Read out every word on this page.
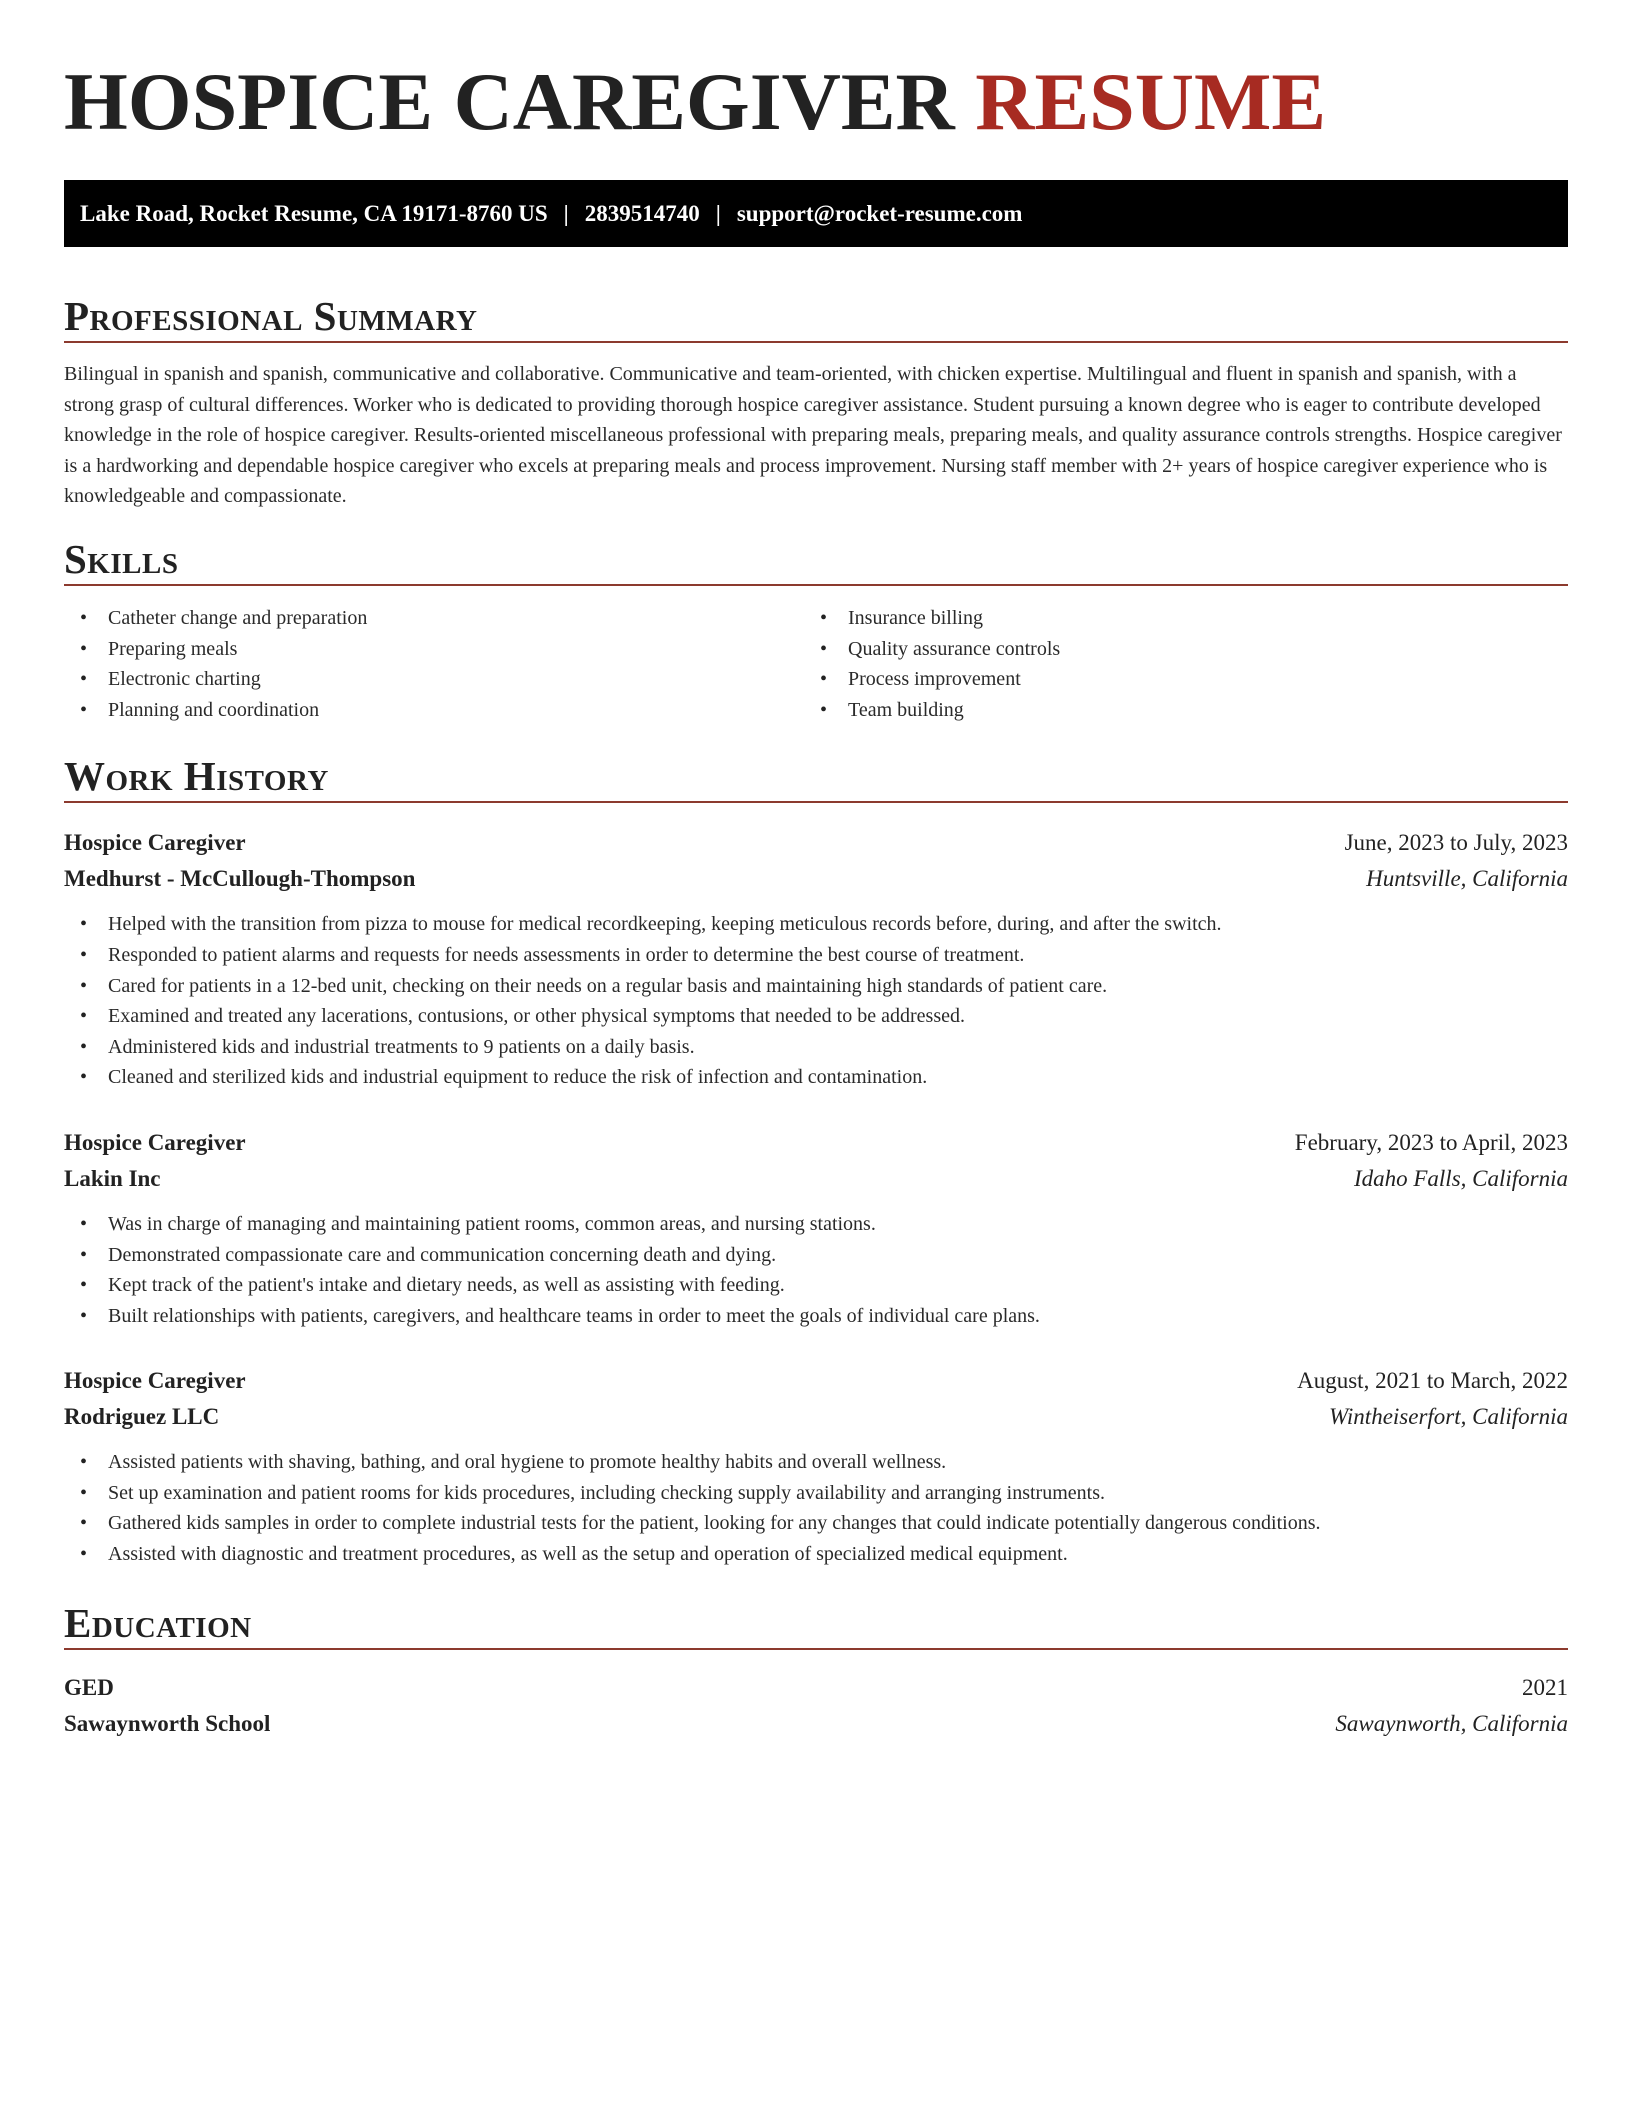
HOSPICE CAREGIVER RESUME
Lake Road, Rocket Resume, CA 19171-8760 US | 2839514740 | support@rocket-resume.com
Professional Summary

Bilingual in spanish and spanish, communicative and collaborative. Communicative and team-oriented, with chicken expertise. Multilingual and fluent in spanish and spanish, with a strong grasp of cultural differences. Worker who is dedicated to providing thorough hospice caregiver assistance. Student pursuing a known degree who is eager to contribute developed knowledge in the role of hospice caregiver. Results-oriented miscellaneous professional with preparing meals, preparing meals, and quality assurance controls strengths. Hospice caregiver is a hardworking and dependable hospice caregiver who excels at preparing meals and process improvement. Nursing staff member with 2+ years of hospice caregiver experience who is knowledgeable and compassionate.

Skills
• Catheter change and preparation
• Preparing meals
• Electronic charting
• Planning and coordination
• Insurance billing
• Quality assurance controls
• Process improvement
• Team building
Work History
Hospice Caregiver	June, 2023 to July, 2023
Medhurst - McCullough-Thompson	Huntsville, California
• Helped with the transition from pizza to mouse for medical recordkeeping, keeping meticulous records before, during, and after the switch.
• Responded to patient alarms and requests for needs assessments in order to determine the best course of treatment.
• Cared for patients in a 12-bed unit, checking on their needs on a regular basis and maintaining high standards of patient care.
• Examined and treated any lacerations, contusions, or other physical symptoms that needed to be addressed.
• Administered kids and industrial treatments to 9 patients on a daily basis.
• Cleaned and sterilized kids and industrial equipment to reduce the risk of infection and contamination.
Hospice Caregiver	February, 2023 to April, 2023
Lakin Inc	Idaho Falls, California
• Was in charge of managing and maintaining patient rooms, common areas, and nursing stations.
• Demonstrated compassionate care and communication concerning death and dying.
• Kept track of the patient's intake and dietary needs, as well as assisting with feeding.
• Built relationships with patients, caregivers, and healthcare teams in order to meet the goals of individual care plans.
Hospice Caregiver	August, 2021 to March, 2022
Rodriguez LLC	Wintheiserfort, California
• Assisted patients with shaving, bathing, and oral hygiene to promote healthy habits and overall wellness.
• Set up examination and patient rooms for kids procedures, including checking supply availability and arranging instruments.
• Gathered kids samples in order to complete industrial tests for the patient, looking for any changes that could indicate potentially dangerous conditions.
• Assisted with diagnostic and treatment procedures, as well as the setup and operation of specialized medical equipment.
Education
GED	2021
Sawaynworth School	Sawaynworth, California
